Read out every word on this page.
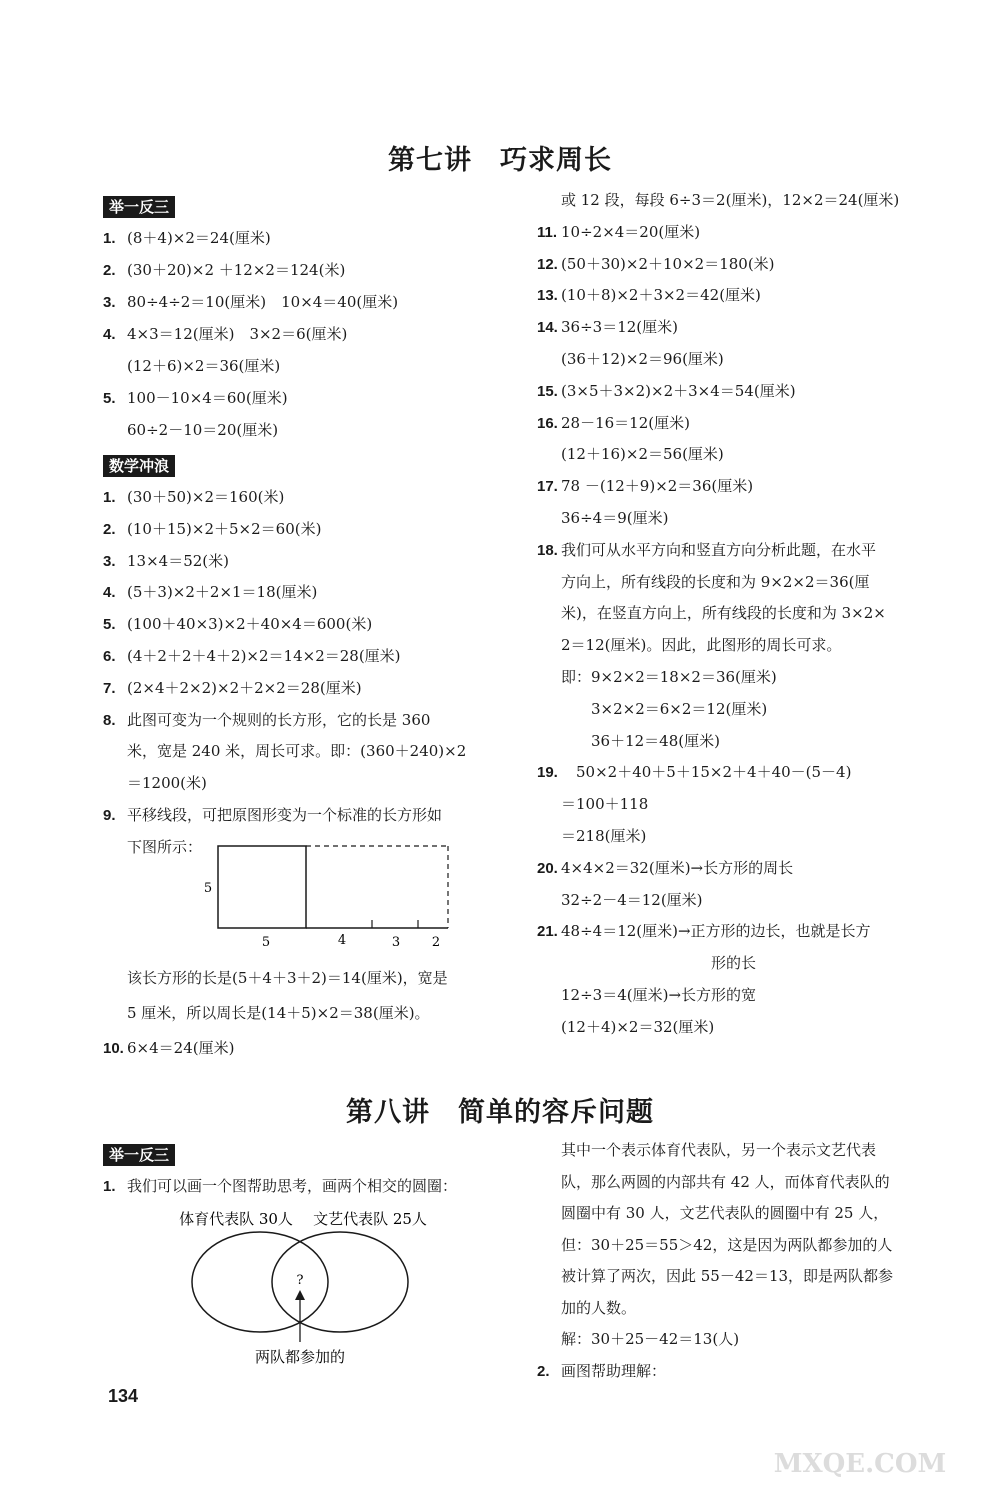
第七讲　巧求周长
举一反三
1. (8＋4)×2＝24(厘米)
2. (30＋20)×2 ＋12×2＝124(米)
3. 80÷4÷2＝10(厘米)　10×4＝40(厘米)
4. 4×3＝12(厘米)　3×2＝6(厘米)
(12＋6)×2＝36(厘米)
5. 100－10×4＝60(厘米)
60÷2－10＝20(厘米)
数学冲浪
1. (30＋50)×2＝160(米)
2. (10＋15)×2＋5×2＝60(米)
3. 13×4＝52(米)
4. (5＋3)×2＋2×1＝18(厘米)
5. (100＋40×3)×2＋40×4＝600(米)
6. (4＋2＋2＋4＋2)×2＝14×2＝28(厘米)
7. (2×4＋2×2)×2＋2×2＝28(厘米)
8. 此图可变为一个规则的长方形，它的长是 360
米，宽是 240 米，周长可求。即：(360＋240)×2
＝1200(米)
9. 平移线段，可把原图形变为一个标准的长方形如
下图所示：
5
5	4	3 2
该长方形的长是(5＋4＋3＋2)＝14(厘米)，宽是
5 厘米，所以周长是(14＋5)×2＝38(厘米)。
10. 6×4＝24(厘米)
或 12 段，每段 6÷3＝2(厘米)，12×2＝24(厘米)
11. 10÷2×4＝20(厘米)
12. (50＋30)×2＋10×2＝180(米)
13. (10＋8)×2＋3×2＝42(厘米)
14. 36÷3＝12(厘米)
(36＋12)×2＝96(厘米)
15. (3×5＋3×2)×2＋3×4＝54(厘米)
16. 28－16＝12(厘米)
(12＋16)×2＝56(厘米)
17. 78 －(12＋9)×2＝36(厘米)
36÷4＝9(厘米)
18. 我们可从水平方向和竖直方向分析此题，在水平
方向上，所有线段的长度和为 9×2×2＝36(厘
米)，在竖直方向上，所有线段的长度和为 3×2×
2＝12(厘米)。因此，此图形的周长可求。
即：9×2×2＝18×2＝36(厘米)
　　3×2×2＝6×2＝12(厘米)
　　36＋12＝48(厘米)
19.　50×2＋40＋5＋15×2＋4＋40－(5－4)
＝100＋118
＝218(厘米)
20. 4×4×2＝32(厘米)→长方形的周长
32÷2－4＝12(厘米)
21. 48÷4＝12(厘米)→正方形的边长，也就是长方
　　　　　　　　　　形的长
12÷3＝4(厘米)→长方形的宽
(12＋4)×2＝32(厘米)
第八讲　简单的容斥问题
举一反三
1. 我们可以画一个图帮助思考，画两个相交的圆圈：
体育代表队 30人 文艺代表队 25人
?
两队都参加的
其中一个表示体育代表队，另一个表示文艺代表
队，那么两圆的内部共有 42 人，而体育代表队的
圆圈中有 30 人，文艺代表队的圆圈中有 25 人，
但：30＋25＝55＞42，这是因为两队都参加的人
被计算了两次，因此 55－42＝13，即是两队都参
加的人数。
解：30＋25－42＝13(人)
2. 画图帮助理解：
134
MXQE.COM
